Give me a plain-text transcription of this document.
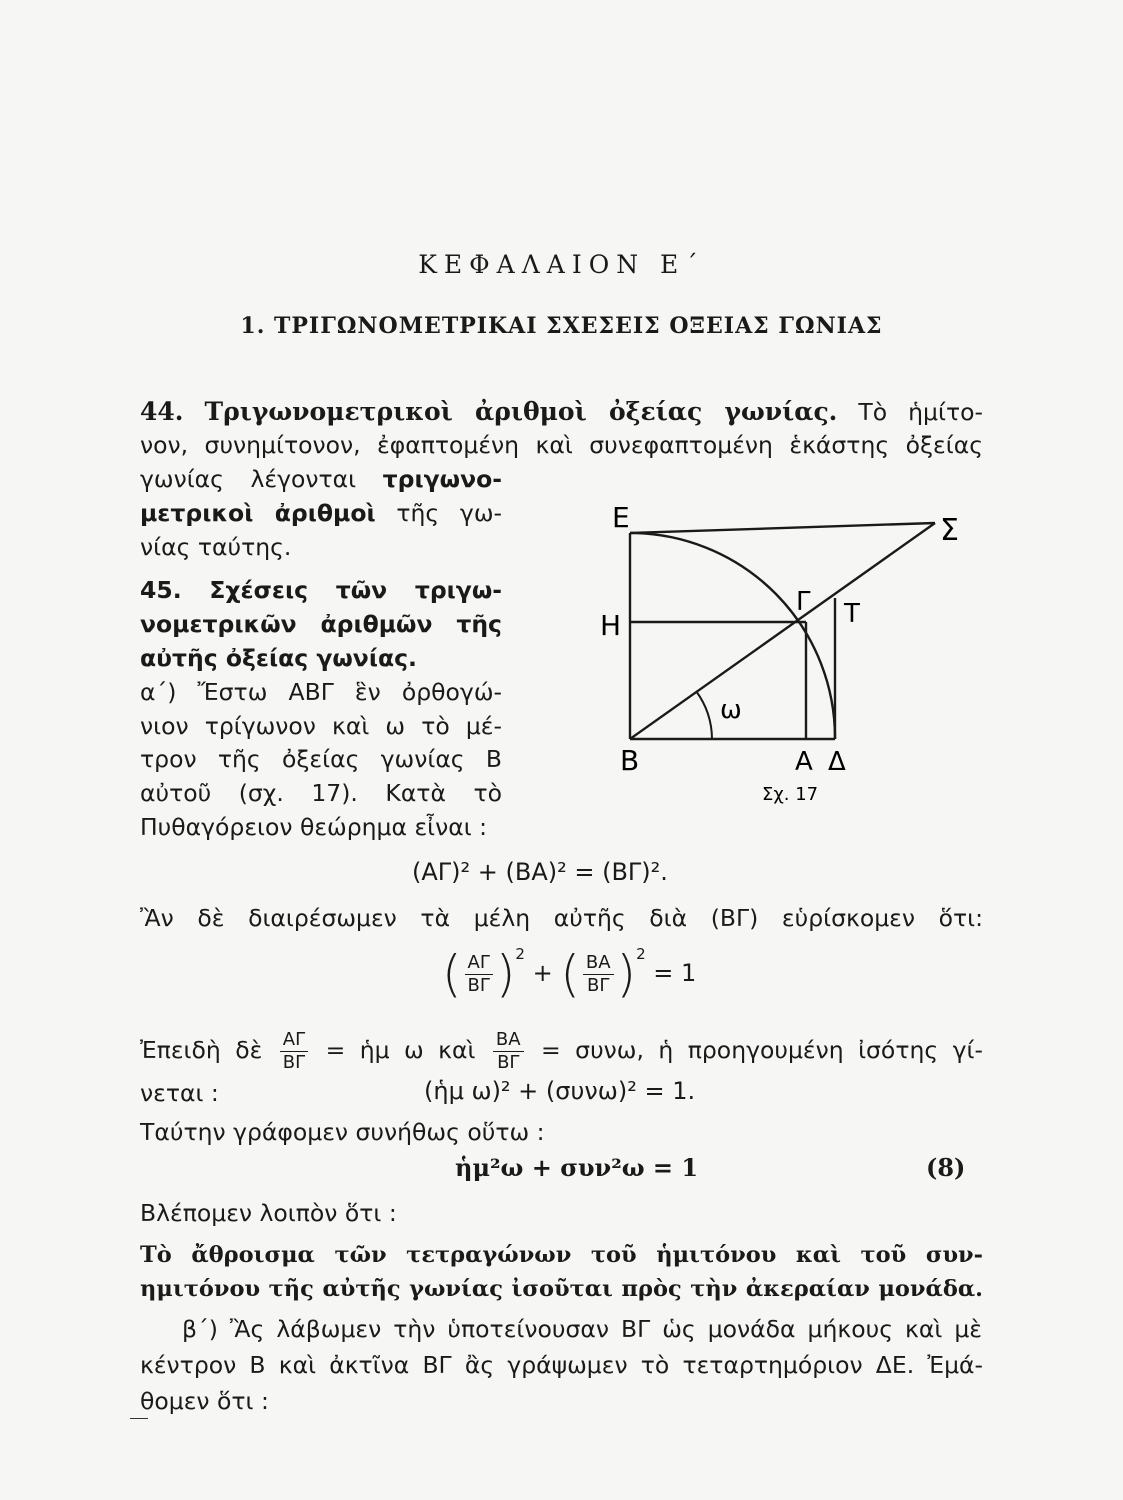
ΚΕΦΑΛΑΙΟΝ Ε΄
1. ΤΡΙΓΩΝΟΜΕΤΡΙΚΑΙ ΣΧΕΣΕΙΣ ΟΞΕΙΑΣ ΓΩΝΙΑΣ
44. Τριγωνομετρικοὶ ἀριθμοὶ ὀξείας γωνίας. Τὸ ἡμίτο-
νον, συνημίτονον, ἐφαπτομένη καὶ συνεφαπτομένη ἑκάστης ὀξείας
γωνίας λέγονται τριγωνο-
μετρικοὶ ἀριθμοὶ τῆς γω-
νίας ταύτης.
45. Σχέσεις τῶν τριγω-
νομετρικῶν ἀριθμῶν τῆς
αὐτῆς ὀξείας γωνίας.
α΄) Ἔστω ΑΒΓ ἓν ὀρθογώ-
νιον τρίγωνον καὶ ω τὸ μέ-
τρον τῆς ὀξείας γωνίας Β
αὐτοῦ (σχ. 17). Κατὰ τὸ
Πυθαγόρειον θεώρημα εἶναι :
Ε	Σ
Γ Τ
Η
ω
Β	Α Δ
Σχ. 17
(ΑΓ)² + (ΒΑ)² = (ΒΓ)².
Ἂν δὲ διαιρέσωμεν τὰ μέλη αὐτῆς διὰ (ΒΓ) εὑρίσκομεν ὅτι:
( $\frac{A\Gamma}{B\Gamma} )^2$ + ( $\frac{BA}{B\Gamma} )^2 = 1$
Ἐπειδὴ δὲ $\frac{A\Gamma}{B\Gamma}$ = ἡμ ω καὶ $\frac{BA}{B\Gamma} = \sigma\upsilon\nu\omega$, ἡ προηγουμένη ἰσότης γί-
νεται :	(ἡμ ω)² + (συνω)² = 1.
Ταύτην γράφομεν συνήθως οὕτω :
ἡμ²ω + συν²ω = 1	(8)
Βλέπομεν λοιπὸν ὅτι :
Τὸ ἄθροισμα τῶν τετραγώνων τοῦ ἡμιτόνου καὶ τοῦ συν-
ημιτόνου τῆς αὐτῆς γωνίας ἰσοῦται πρὸς τὴν ἀκεραίαν μονάδα.
β΄) Ἂς λάβωμεν τὴν ὑποτείνουσαν ΒΓ ὡς μονάδα μήκους καὶ μὲ
κέντρον Β καὶ ἀκτῖνα ΒΓ ἂς γράψωμεν τὸ τεταρτημόριον ΔΕ. Ἐμά-
θομεν ὅτι :
